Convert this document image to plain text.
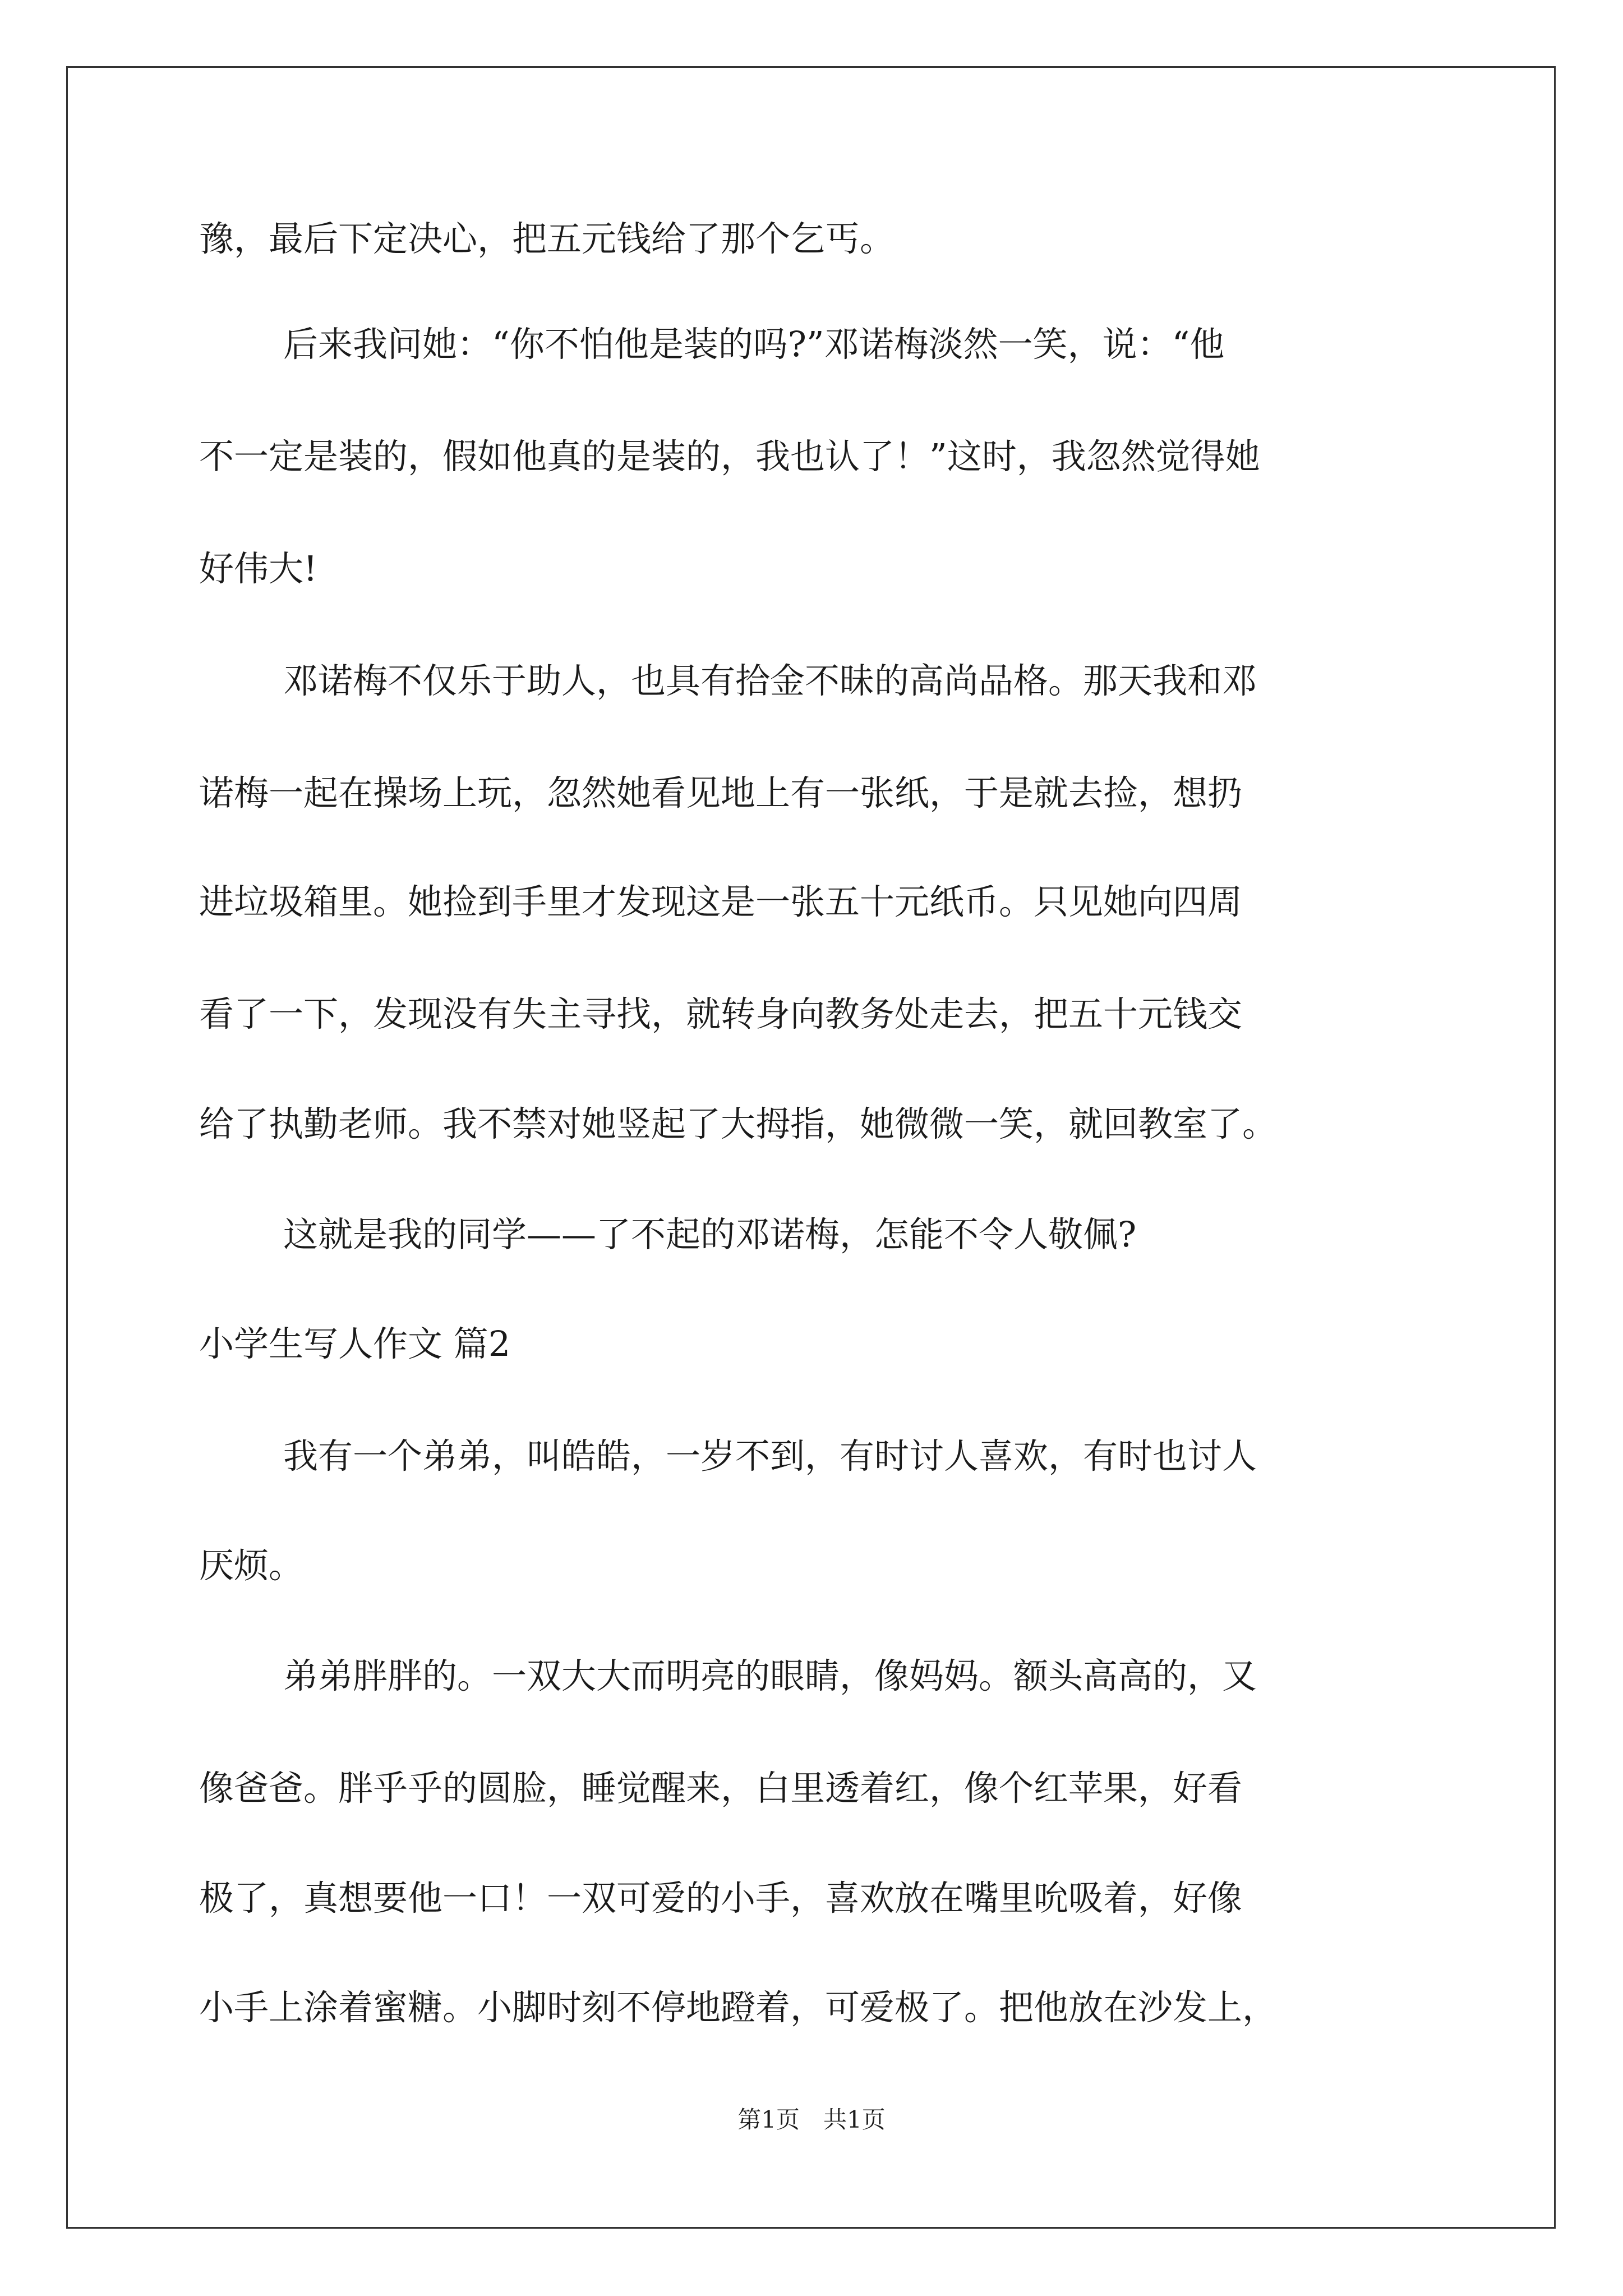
豫，最后下定决心，把五元钱给了那个乞丐。
后来我问她：“你不怕他是装的吗?”邓诺梅淡然一笑，说：“他
不一定是装的，假如他真的是装的，我也认了！”这时，我忽然觉得她
好伟大!
邓诺梅不仅乐于助人，也具有拾金不昧的高尚品格。那天我和邓
诺梅一起在操场上玩，忽然她看见地上有一张纸，于是就去捡，想扔
进垃圾箱里。她捡到手里才发现这是一张五十元纸币。只见她向四周
看了一下，发现没有失主寻找，就转身向教务处走去，把五十元钱交
给了执勤老师。我不禁对她竖起了大拇指，她微微一笑，就回教室了。
这就是我的同学——了不起的邓诺梅，怎能不令人敬佩?
小学生写人作文 篇2
我有一个弟弟，叫皓皓，一岁不到，有时讨人喜欢，有时也讨人
厌烦。
弟弟胖胖的。一双大大而明亮的眼睛，像妈妈。额头高高的，又
像爸爸。胖乎乎的圆脸，睡觉醒来，白里透着红，像个红苹果，好看
极了，真想要他一口！一双可爱的小手，喜欢放在嘴里吮吸着，好像
小手上涂着蜜糖。小脚时刻不停地蹬着，可爱极了。把他放在沙发上，
第1页　共1页
